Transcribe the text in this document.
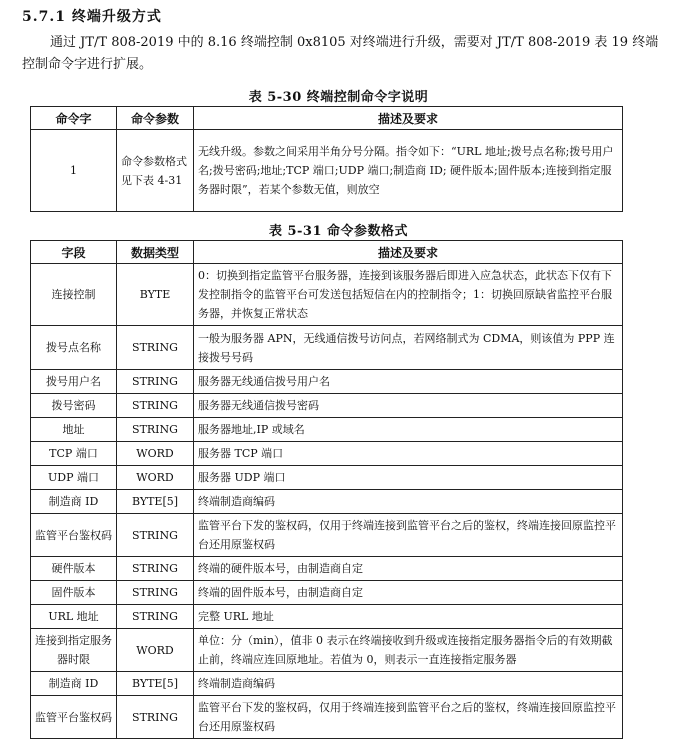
5.7.1 终端升级方式
通过 JT/T 808-2019 中的 8.16 终端控制 0x8105 对终端进行升级，需要对 JT/T 808-2019 表 19 终端控制命令字进行扩展。
表 5-30 终端控制命令字说明
命令字	命令参数	描述及要求
1	命令参数格式见下表 4-31	无线升级。参数之间采用半角分号分隔。指令如下：“URL 地址;拨号点名称;拨号用户名;拨号密码;地址;TCP 端口;UDP 端口;制造商 ID; 硬件版本;固件版本;连接到指定服务器时限”，若某个参数无值，则放空
表 5-31 命令参数格式
字段	数据类型	描述及要求
连接控制	BYTE	0：切换到指定监管平台服务器，连接到该服务器后即进入应急状态，此状态下仅有下发控制指令的监管平台可发送包括短信在内的控制指令；1：切换回原缺省监控平台服务器，并恢复正常状态
拨号点名称	STRING	一般为服务器 APN，无线通信拨号访问点，若网络制式为 CDMA，则该值为 PPP 连接拨号号码
拨号用户名	STRING	服务器无线通信拨号用户名
拨号密码	STRING	服务器无线通信拨号密码
地址	STRING	服务器地址,IP 或域名
TCP 端口	WORD	服务器 TCP 端口
UDP 端口	WORD	服务器 UDP 端口
制造商 ID	BYTE[5]	终端制造商编码
监管平台鉴权码	STRING	监管平台下发的鉴权码，仅用于终端连接到监管平台之后的鉴权，终端连接回原监控平台还用原鉴权码
硬件版本	STRING	终端的硬件版本号，由制造商自定
固件版本	STRING	终端的固件版本号，由制造商自定
URL 地址	STRING	完整 URL 地址
连接到指定服务器时限	WORD	单位：分（min），值非 0 表示在终端接收到升级或连接指定服务器指令后的有效期截止前，终端应连回原地址。若值为 0，则表示一直连接指定服务器
制造商 ID	BYTE[5]	终端制造商编码
监管平台鉴权码	STRING	监管平台下发的鉴权码，仅用于终端连接到监管平台之后的鉴权，终端连接回原监控平台还用原鉴权码
